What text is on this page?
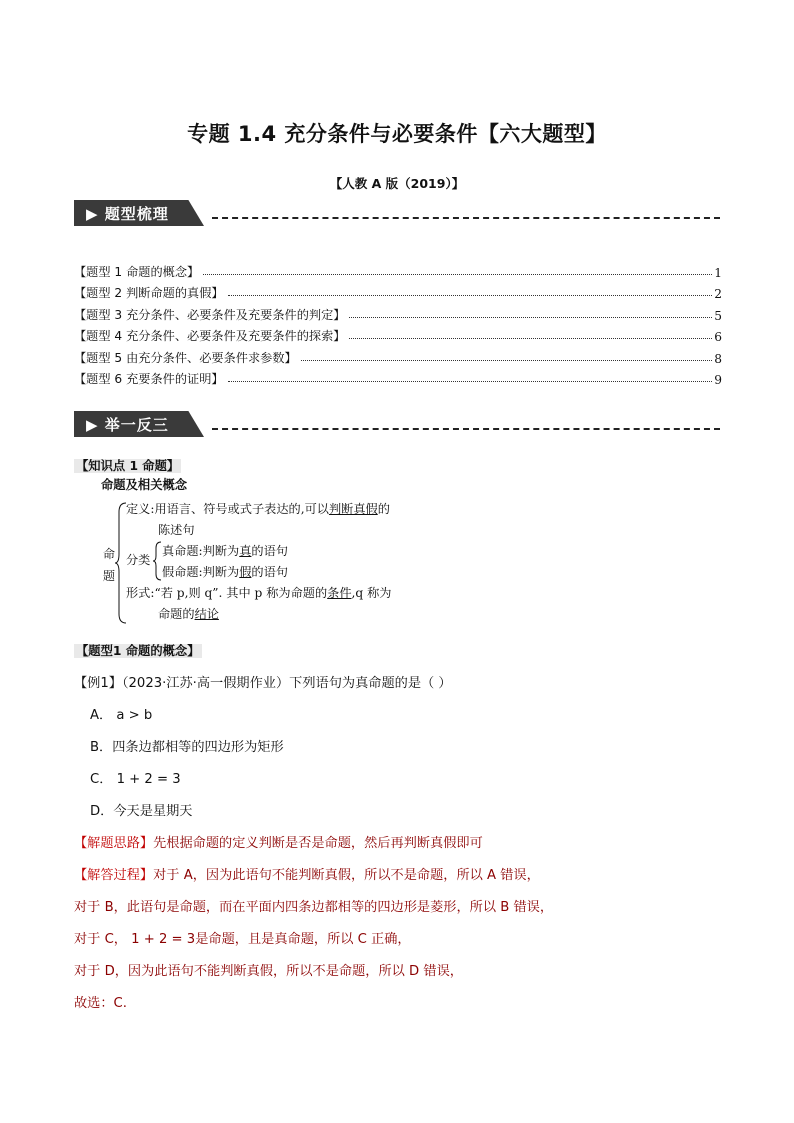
专题 1.4 充分条件与必要条件【六大题型】
【人教 A 版（2019）】
▶ 题型梳理
【题型 1 命题的概念】	1
【题型 2 判断命题的真假】	2
【题型 3 充分条件、必要条件及充要条件的判定】	5
【题型 4 充分条件、必要条件及充要条件的探索】	6
【题型 5 由充分条件、必要条件求参数】	8
【题型 6 充要条件的证明】	9
▶ 举一反三
【知识点 1 命题】
命题及相关概念
命题
定义:用语言、符号或式子表达的,可以判断真假的
陈述句
分类
真命题:判断为真的语句
假命题:判断为假的语句
形式:“若 p,则 q”. 其中 p 称为命题的条件,q 称为
命题的结论
【题型1 命题的概念】
【例1】（2023·江苏·高一假期作业）下列语句为真命题的是（ ）
A． a > b
B．四条边都相等的四边形为矩形
C． 1 + 2 = 3
D．今天是星期天
【解题思路】先根据命题的定义判断是否是命题，然后再判断真假即可
【解答过程】对于 A，因为此语句不能判断真假，所以不是命题，所以 A 错误，
对于 B，此语句是命题，而在平面内四条边都相等的四边形是菱形，所以 B 错误，
对于 C， 1 + 2 = 3是命题，且是真命题，所以 C 正确，
对于 D，因为此语句不能判断真假，所以不是命题，所以 D 错误，
故选：C.
